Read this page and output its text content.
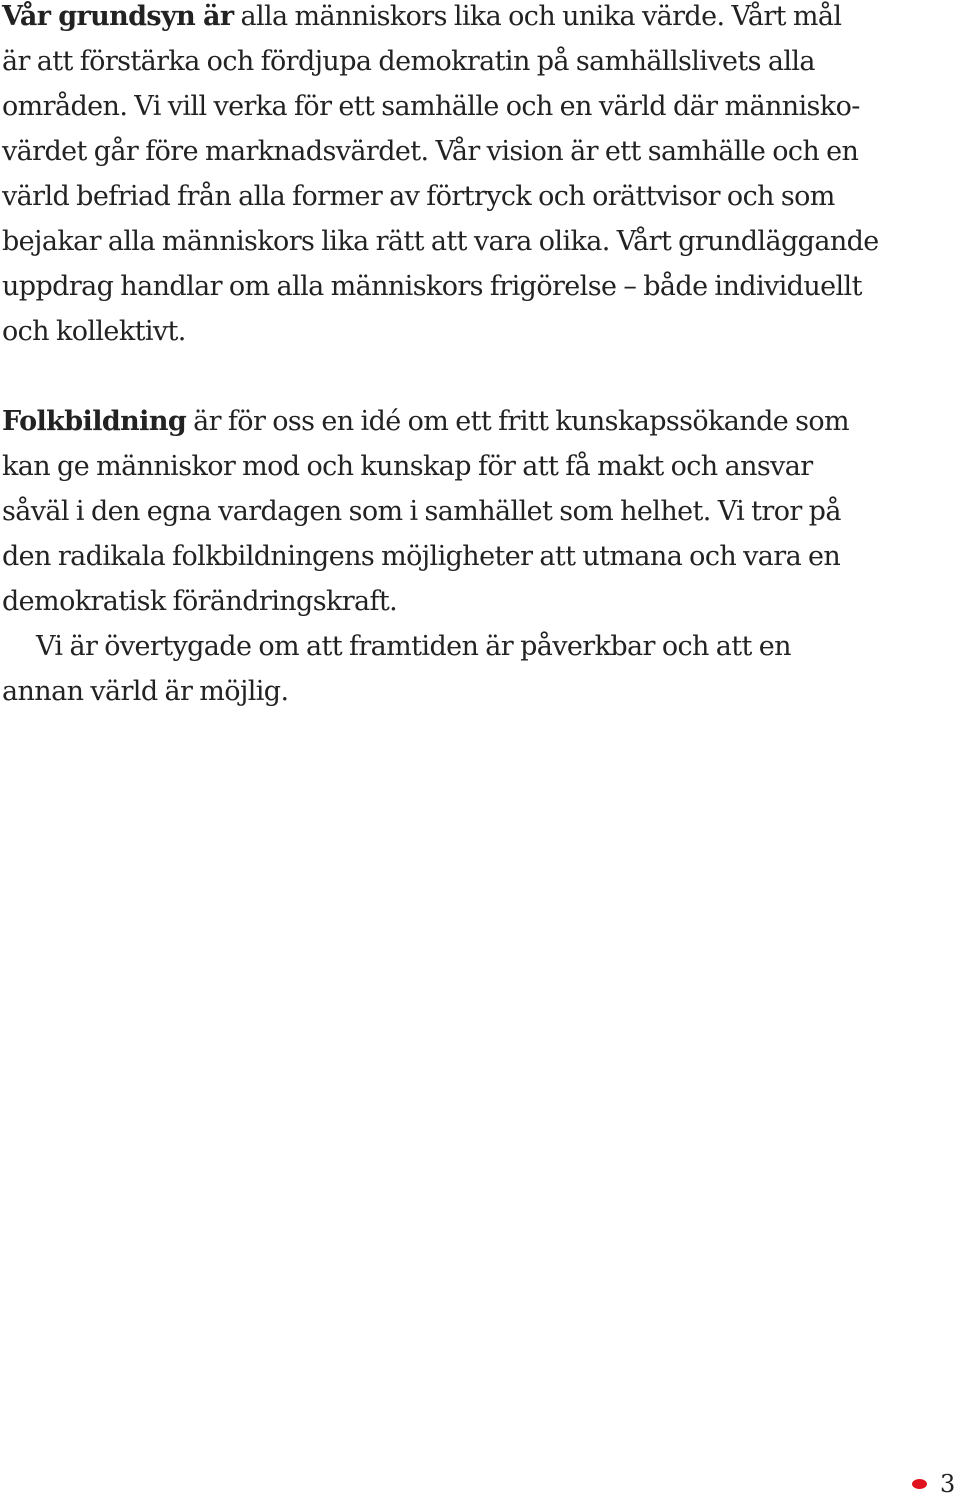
Vår grundsyn är alla människors lika och unika värde. Vårt mål
är att förstärka och fördjupa demokratin på samhällslivets alla
områden. Vi vill verka för ett samhälle och en värld där människo-
värdet går före marknadsvärdet. Vår vision är ett samhälle och en
värld befriad från alla former av förtryck och orättvisor och som
bejakar alla människors lika rätt att vara olika. Vårt grundläggande
uppdrag handlar om alla människors frigörelse – både individuellt
och kollektivt.
Folkbildning är för oss en idé om ett fritt kunskapssökande som
kan ge människor mod och kunskap för att få makt och ansvar
såväl i den egna vardagen som i samhället som helhet. Vi tror på
den radikala folkbildningens möjligheter att utmana och vara en
demokratisk förändringskraft.
Vi är övertygade om att framtiden är påverkbar och att en
annan värld är möjlig.
3
